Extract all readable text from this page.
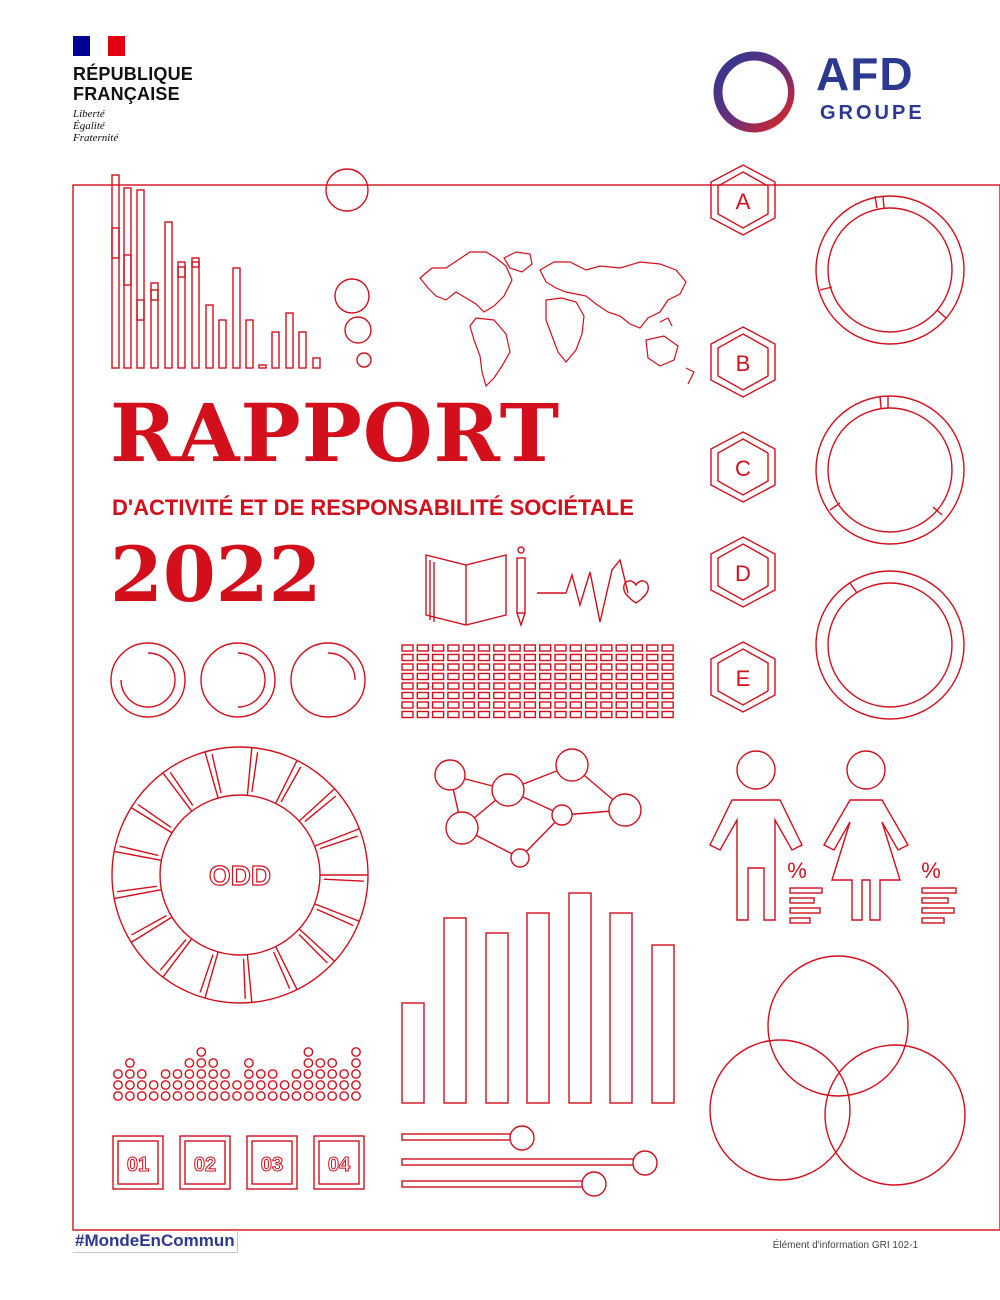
RÉPUBLIQUE
FRANÇAISE
Liberté
Égalité
Fraternité
AFD
GROUPE
A
B
C
D
E
ODD
01 02 03 04
%	%
RAPPORT
D'ACTIVITÉ ET DE RESPONSABILITÉ SOCIÉTALE
2022
#MondeEnCommun	Élément d'information GRI 102-1
